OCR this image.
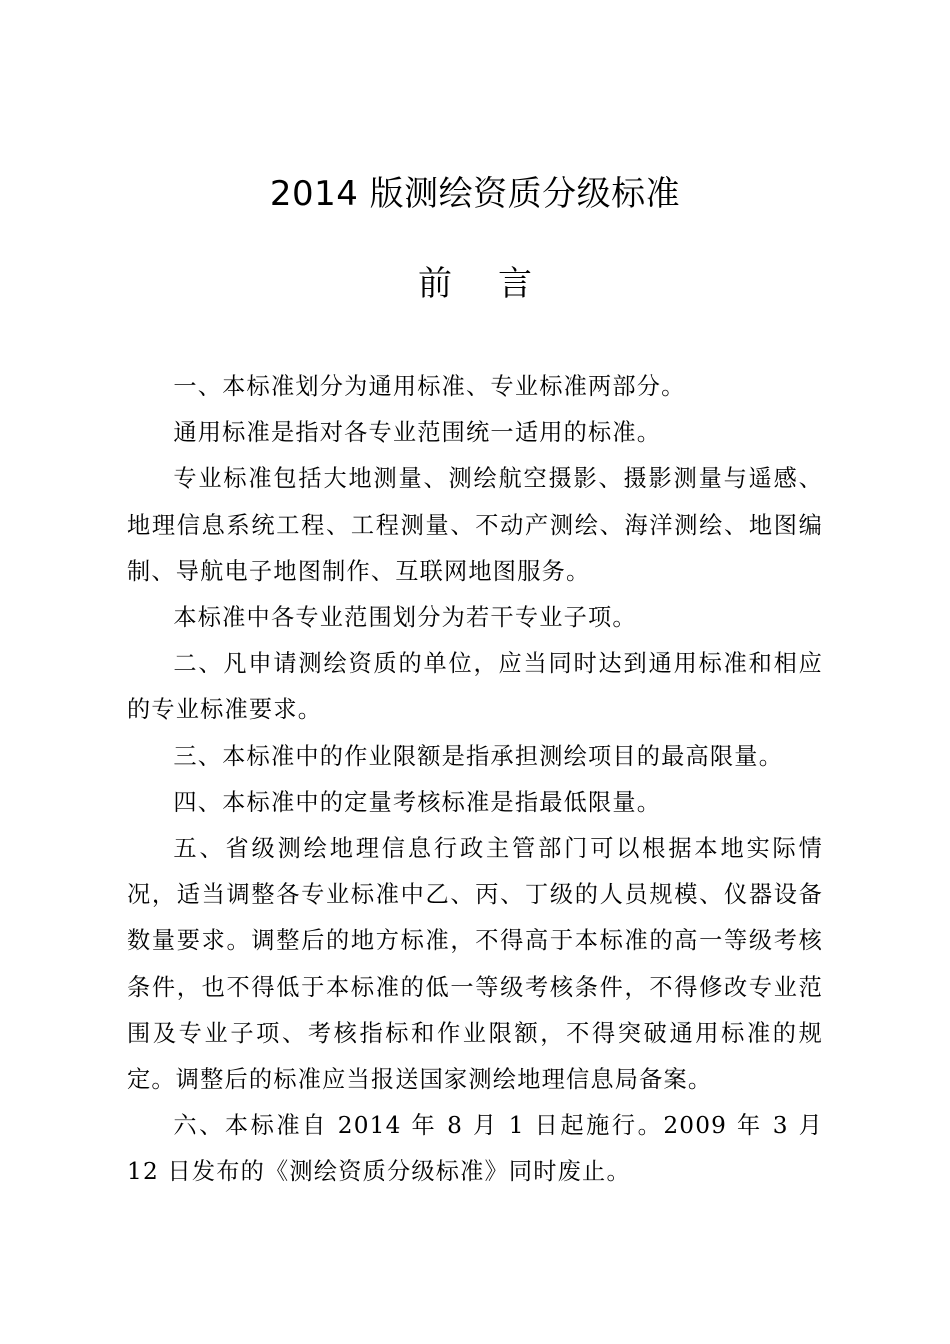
2014 版测绘资质分级标准
前 言

一、本标准划分为通用标准、专业标准两部分。

通用标准是指对各专业范围统一适用的标准。

专业标准包括大地测量、测绘航空摄影、摄影测量与遥感、地理信息系统工程、工程测量、不动产测绘、海洋测绘、地图编制、导航电子地图制作、互联网地图服务。

本标准中各专业范围划分为若干专业子项。

二、凡申请测绘资质的单位，应当同时达到通用标准和相应的专业标准要求。

三、本标准中的作业限额是指承担测绘项目的最高限量。

四、本标准中的定量考核标准是指最低限量。

五、省级测绘地理信息行政主管部门可以根据本地实际情况，适当调整各专业标准中乙、丙、丁级的人员规模、仪器设备数量要求。调整后的地方标准，不得高于本标准的高一等级考核条件，也不得低于本标准的低一等级考核条件，不得修改专业范围及专业子项、考核指标和作业限额，不得突破通用标准的规定。调整后的标准应当报送国家测绘地理信息局备案。

六、本标准自 2014 年 8 月 1 日起施行。2009 年 3 月 12 日发布的《测绘资质分级标准》同时废止。
